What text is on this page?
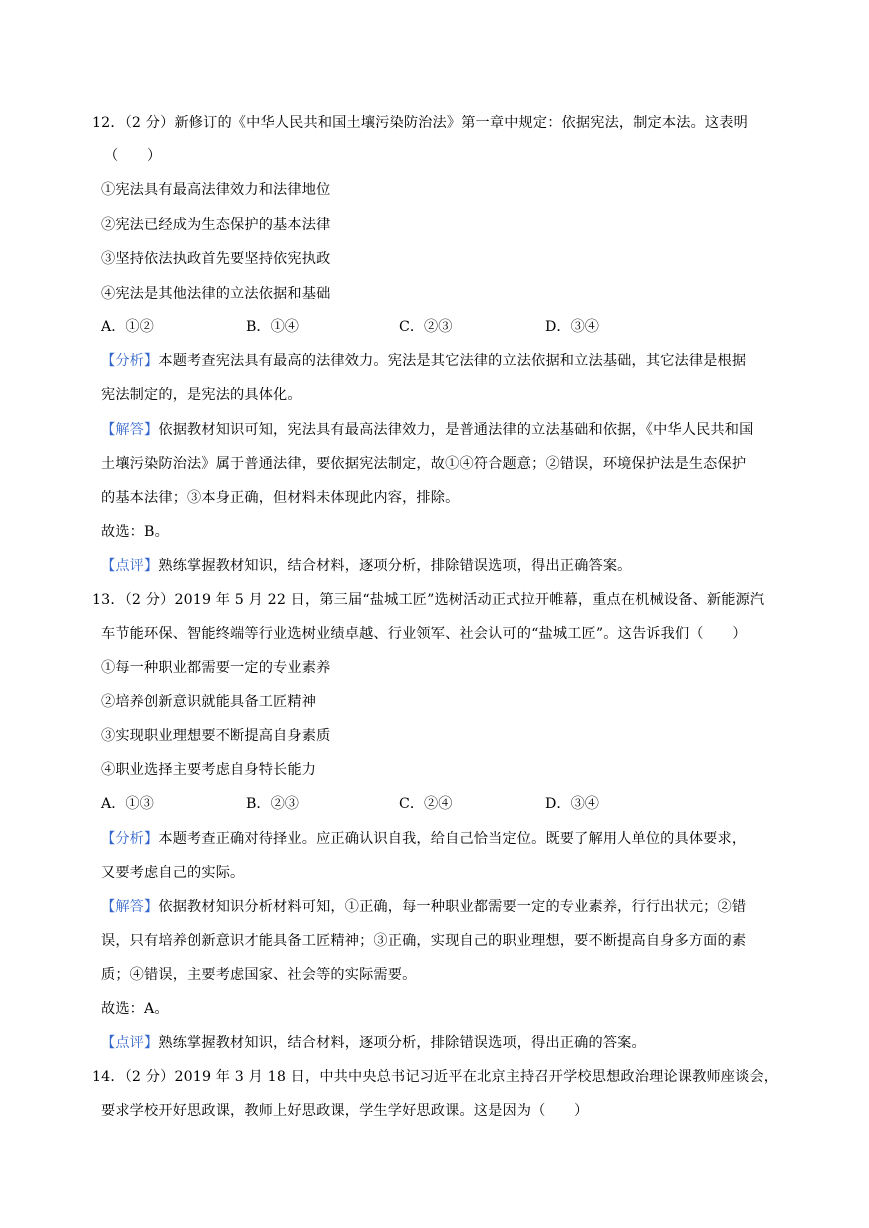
12．（2 分）新修订的《中华人民共和国土壤污染防治法》第一章中规定：依据宪法，制定本法。这表明
（　　）
①宪法具有最高法律效力和法律地位
②宪法已经成为生态保护的基本法律
③坚持依法执政首先要坚持依宪执政
④宪法是其他法律的立法依据和基础
A．①②	B．①④	C．②③	D．③④
【分析】本题考查宪法具有最高的法律效力。宪法是其它法律的立法依据和立法基础，其它法律是根据
宪法制定的，是宪法的具体化。
【解答】依据教材知识可知，宪法具有最高法律效力，是普通法律的立法基础和依据，《中华人民共和国
土壤污染防治法》属于普通法律，要依据宪法制定，故①④符合题意；②错误，环境保护法是生态保护
的基本法律；③本身正确，但材料未体现此内容，排除。
故选：B。
【点评】熟练掌握教材知识，结合材料，逐项分析，排除错误选项，得出正确答案。
13．（2 分）2019 年 5 月 22 日，第三届“盐城工匠”选树活动正式拉开帷幕，重点在机械设备、新能源汽
车节能环保、智能终端等行业选树业绩卓越、行业领军、社会认可的“盐城工匠”。这告诉我们（　　）
①每一种职业都需要一定的专业素养
②培养创新意识就能具备工匠精神
③实现职业理想要不断提高自身素质
④职业选择主要考虑自身特长能力
A．①③	B．②③	C．②④	D．③④
【分析】本题考查正确对待择业。应正确认识自我，给自己恰当定位。既要了解用人单位的具体要求，
又要考虑自己的实际。
【解答】依据教材知识分析材料可知，①正确，每一种职业都需要一定的专业素养，行行出状元；②错
误，只有培养创新意识才能具备工匠精神；③正确，实现自己的职业理想，要不断提高自身多方面的素
质；④错误，主要考虑国家、社会等的实际需要。
故选：A。
【点评】熟练掌握教材知识，结合材料，逐项分析，排除错误选项，得出正确的答案。
14．（2 分）2019 年 3 月 18 日，中共中央总书记习近平在北京主持召开学校思想政治理论课教师座谈会，
要求学校开好思政课，教师上好思政课，学生学好思政课。这是因为（　　）
